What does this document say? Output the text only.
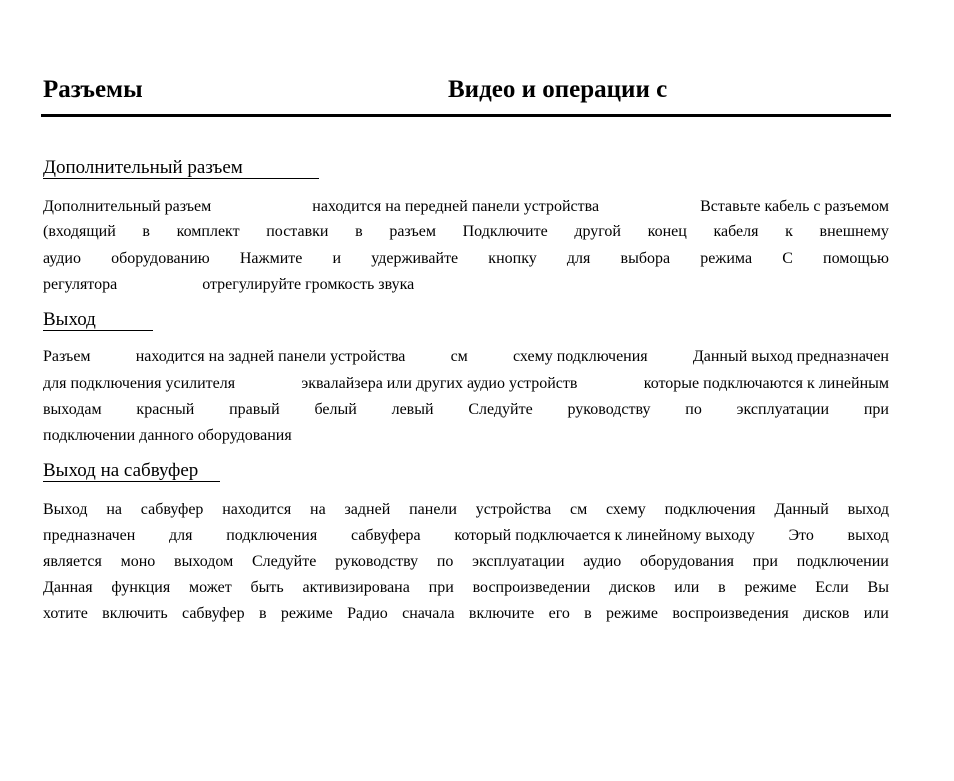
Разъемы	Видео и операции с
Дополнительный разъем
Дополнительный разъем	находится на передней панели устройства	Вставьте кабель с разъемом
(входящий в комплект поставки в разъем Подключите другой конец кабеля к внешнему
аудио оборудованию Нажмите и удерживайте кнопку для выбора режима С помощью
регулятора	отрегулируйте громкость звука
Выход
Разъем	находится на задней панели устройства	см	схему подключения	Данный выход предназначен
для подключения усилителя	эквалайзера или других аудио устройств	которые подключаются к линейным
выходам красный правый белый левый Следуйте руководству по эксплуатации при
подключении данного оборудования
Выход на сабвуфер
Выход на сабвуфер находится на задней панели устройства см схему подключения Данный выход
предназначен для подключения сабвуфера который подключается к линейному выходу Это выход
является моно выходом Следуйте руководству по эксплуатации аудио оборудования при подключении
Данная функция может быть активизирована при воспроизведении дисков или в режиме Если Вы
хотите включить сабвуфер в режиме Радио сначала включите его в режиме воспроизведения дисков или
